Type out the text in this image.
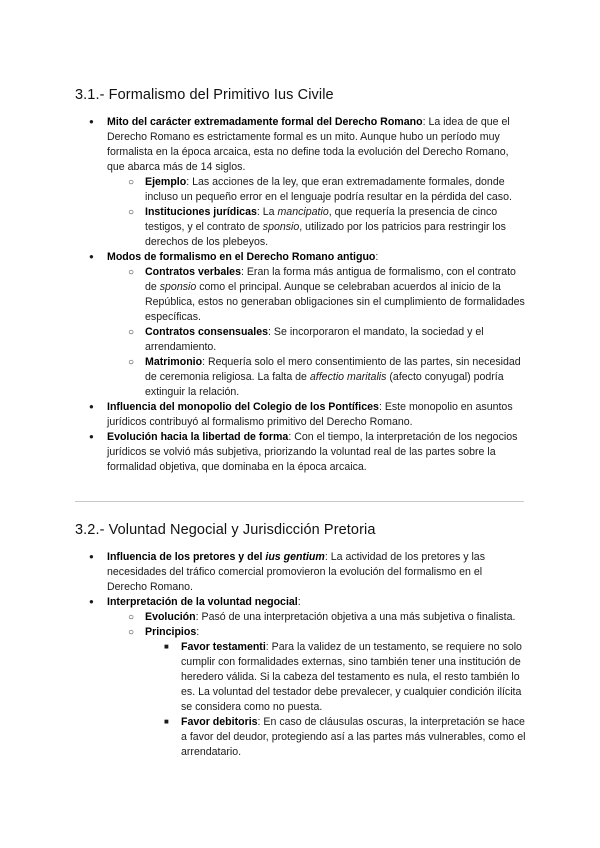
3.1.- Formalismo del Primitivo Ius Civile
●
Mito del carácter extremadamente formal del Derecho Romano: La idea de que el Derecho Romano es estrictamente formal es un mito. Aunque hubo un período muy formalista en la época arcaica, esta no define toda la evolución del Derecho Romano, que abarca más de 14 siglos.
○
Ejemplo: Las acciones de la ley, que eran extremadamente formales, donde incluso un pequeño error en el lenguaje podría resultar en la pérdida del caso.
○
Instituciones jurídicas: La mancipatio, que requería la presencia de cinco testigos, y el contrato de sponsio, utilizado por los patricios para restringir los derechos de los plebeyos.
●
Modos de formalismo en el Derecho Romano antiguo:
○
Contratos verbales: Eran la forma más antigua de formalismo, con el contrato de sponsio como el principal. Aunque se celebraban acuerdos al inicio de la República, estos no generaban obligaciones sin el cumplimiento de formalidades específicas.
○
Contratos consensuales: Se incorporaron el mandato, la sociedad y el arrendamiento.
○
Matrimonio: Requería solo el mero consentimiento de las partes, sin necesidad de ceremonia religiosa. La falta de affectio maritalis (afecto conyugal) podría extinguir la relación.
●
Influencia del monopolio del Colegio de los Pontífices: Este monopolio en asuntos jurídicos contribuyó al formalismo primitivo del Derecho Romano.
●
Evolución hacia la libertad de forma: Con el tiempo, la interpretación de los negocios jurídicos se volvió más subjetiva, priorizando la voluntad real de las partes sobre la formalidad objetiva, que dominaba en la época arcaica.
3.2.- Voluntad Negocial y Jurisdicción Pretoria
●
Influencia de los pretores y del ius gentium: La actividad de los pretores y las necesidades del tráfico comercial promovieron la evolución del formalismo en el Derecho Romano.
●
Interpretación de la voluntad negocial:
○
Evolución: Pasó de una interpretación objetiva a una más subjetiva o finalista.
○
Principios:
■
Favor testamenti: Para la validez de un testamento, se requiere no solo cumplir con formalidades externas, sino también tener una institución de heredero válida. Si la cabeza del testamento es nula, el resto también lo es. La voluntad del testador debe prevalecer, y cualquier condición ilícita se considera como no puesta.
■
Favor debitoris: En caso de cláusulas oscuras, la interpretación se hace a favor del deudor, protegiendo así a las partes más vulnerables, como el arrendatario.
